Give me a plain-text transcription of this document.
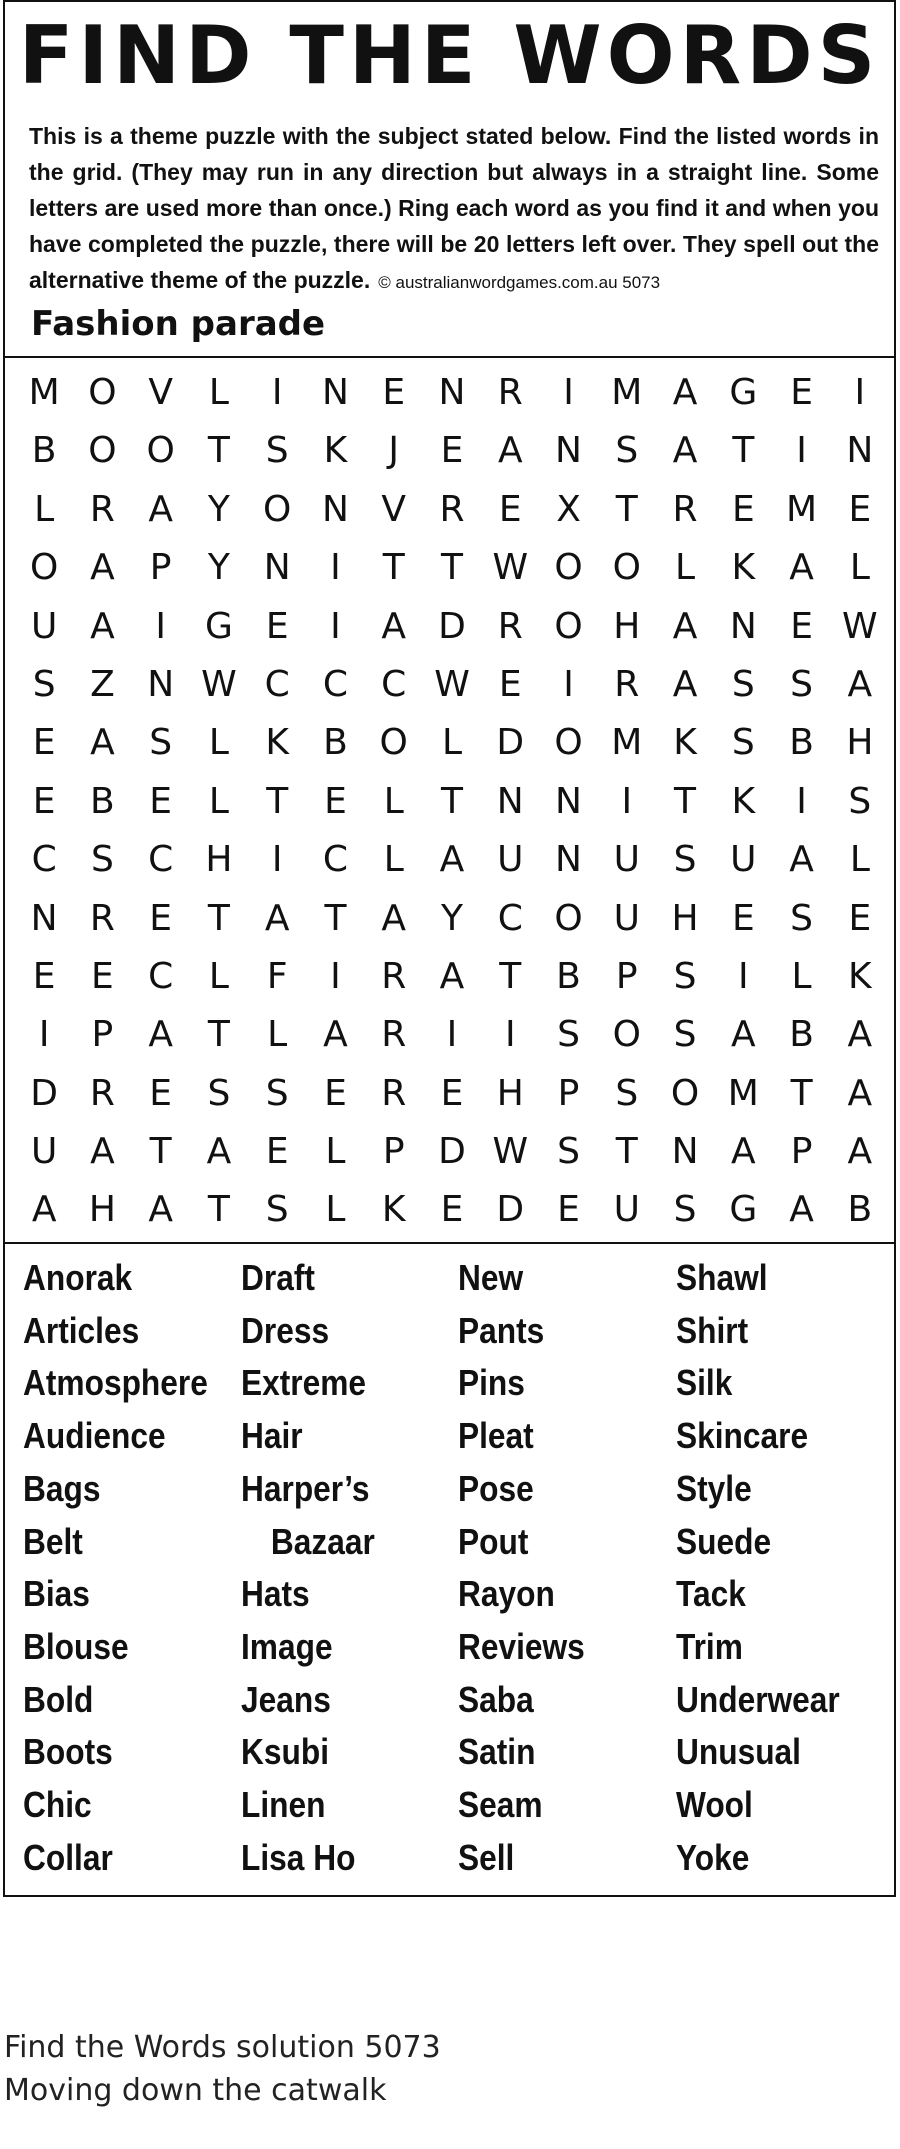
FIND THE WORDS

This is a theme puzzle with the subject stated below. Find the listed words in the grid. (They may run in any direction but always in a straight line. Some letters are used more than once.) Ring each word as you find it and when you have completed the puzzle, there will be 20 letters left over. They spell out the alternative theme of the puzzle. © australianwordgames.com.au 5073

Fashion parade
M O V L	I	N E N R	I	M A G E	I
B O O T S K	J	E A N S A T	I	N
L R A Y O N V R E X T R E M E
O A P	Y N	I	T	T W O O L	K A L
U A	I	G E	I	A D R O H A N E W
S Z N W C C C W E	I	R A S S A
E A S	L	K B O L D O M K S B H
E B E	L	T E	L	T N N	I	T K	I	S
C S C H	I	C L A U N U S U A L
N R E T A T A Y C O U H E S E
E E C L	F	I	R A T B P S	I	L	K
I	P A T	L A R	I	I	S O S A B A
D R E S S E R E H P S O M T A
U A T A E	L	P D W S T N A P A
A H A T S	L	K E D E U S G A B
Anorak
Articles
Atmosphere
Audience
Bags
Belt
Bias
Blouse
Bold
Boots
Chic
Collar
Draft
Dress
Extreme
Hair
Harper’s
Bazaar
Hats
Image
Jeans
Ksubi
Linen
Lisa Ho
New
Pants
Pins
Pleat
Pose
Pout
Rayon
Reviews
Saba
Satin
Seam
Sell
Shawl
Shirt
Silk
Skincare
Style
Suede
Tack
Trim
Underwear
Unusual
Wool
Yoke
Find the Words solution 5073
Moving down the catwalk
